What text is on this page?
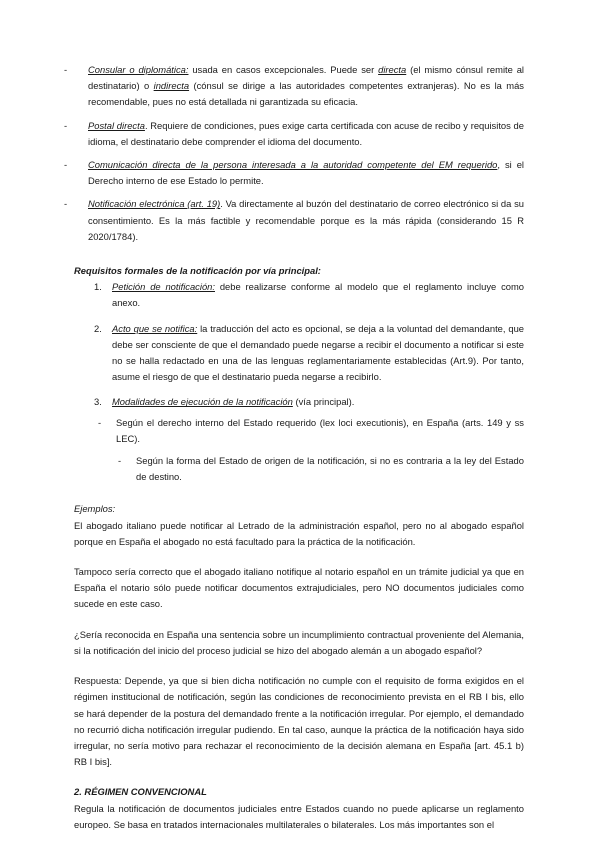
- Consular o diplomática: usada en casos excepcionales. Puede ser directa (el mismo cónsul remite al destinatario) o indirecta (cónsul se dirige a las autoridades competentes extranjeras). No es la más recomendable, pues no está detallada ni garantizada su eficacia.
- Postal directa. Requiere de condiciones, pues exige carta certificada con acuse de recibo y requisitos de idioma, el destinatario debe comprender el idioma del documento.
- Comunicación directa de la persona interesada a la autoridad competente del EM requerido, si el Derecho interno de ese Estado lo permite.
- Notificación electrónica (art. 19). Va directamente al buzón del destinatario de correo electrónico si da su consentimiento. Es la más factible y recomendable porque es la más rápida (considerando 15 R 2020/1784).
Requisitos formales de la notificación por vía principal:
1. Petición de notificación: debe realizarse conforme al modelo que el reglamento incluye como anexo.
2. Acto que se notifica: la traducción del acto es opcional, se deja a la voluntad del demandante, que debe ser consciente de que el demandado puede negarse a recibir el documento a notificar si este no se halla redactado en una de las lenguas reglamentariamente establecidas (Art.9). Por tanto, asume el riesgo de que el destinatario pueda negarse a recibirlo.
3. Modalidades de ejecución de la notificación (vía principal).
- Según el derecho interno del Estado requerido (lex loci executionis), en España (arts. 149 y ss LEC).
- Según la forma del Estado de origen de la notificación, si no es contraria a la ley del Estado de destino.

Ejemplos:

El abogado italiano puede notificar al Letrado de la administración español, pero no al abogado español porque en España el abogado no está facultado para la práctica de la notificación.

Tampoco sería correcto que el abogado italiano notifique al notario español en un trámite judicial ya que en España el notario sólo puede notificar documentos extrajudiciales, pero NO documentos judiciales como sucede en este caso.

¿Sería reconocida en España una sentencia sobre un incumplimiento contractual proveniente del Alemania, si la notificación del inicio del proceso judicial se hizo del abogado alemán a un abogado español?

Respuesta: Depende, ya que si bien dicha notificación no cumple con el requisito de forma exigidos en el régimen institucional de notificación, según las condiciones de reconocimiento prevista en el RB I bis, ello se hará depender de la postura del demandado frente a la notificación irregular. Por ejemplo, el demandado no recurrió dicha notificación irregular pudiendo. En tal caso, aunque la práctica de la notificación haya sido irregular, no sería motivo para rechazar el reconocimiento de la decisión alemana en España [art. 45.1 b) RB I bis].

2. RÉGIMEN CONVENCIONAL

Regula la notificación de documentos judiciales entre Estados cuando no puede aplicarse un reglamento europeo. Se basa en tratados internacionales multilaterales o bilaterales. Los más importantes son el
